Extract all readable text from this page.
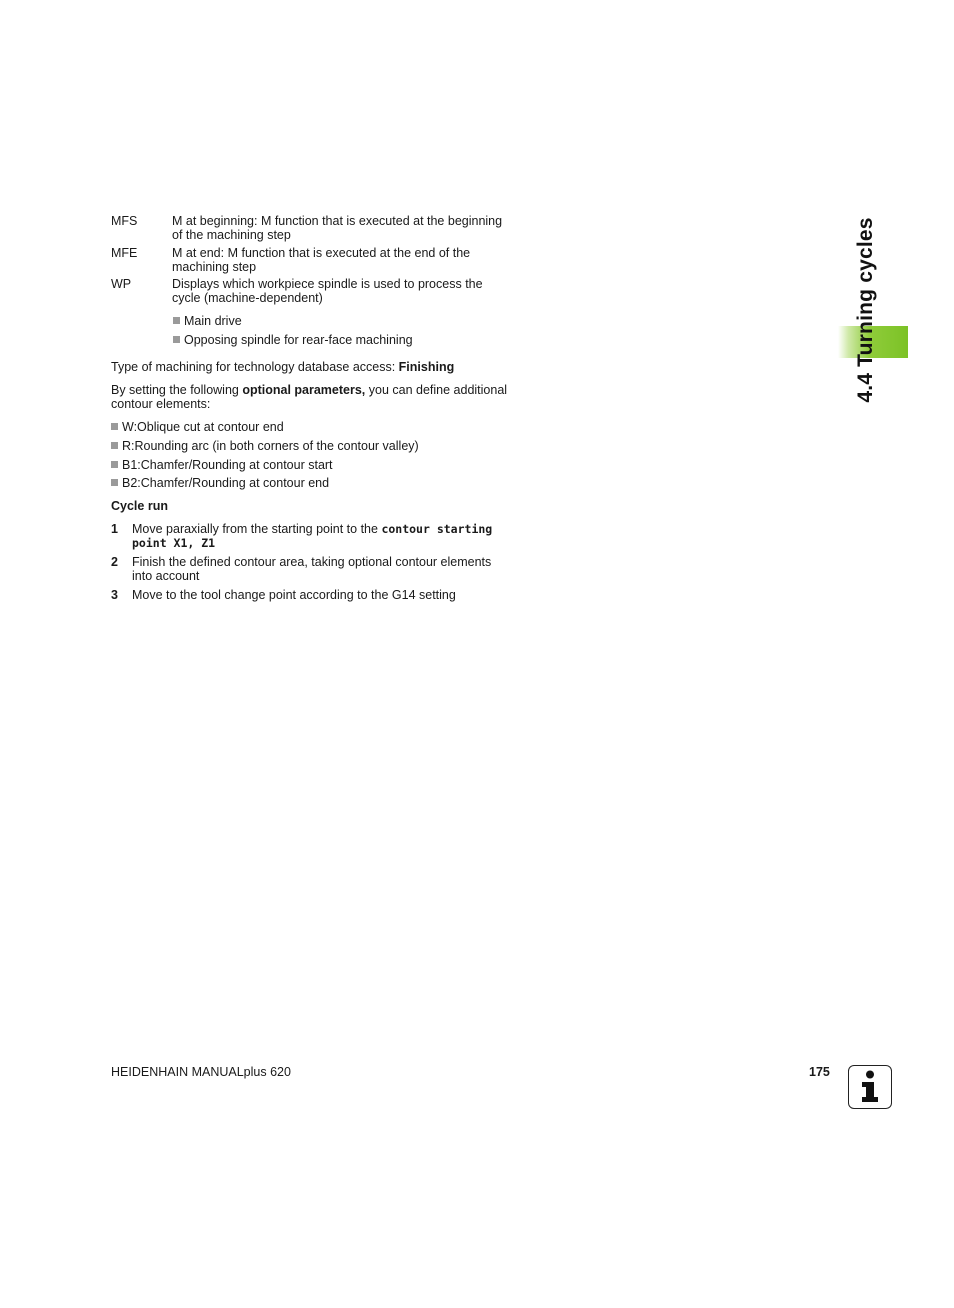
MFS	M at beginning: M function that is executed at the beginning of the machining step
MFE	M at end: M function that is executed at the end of the machining step
WP	Displays which workpiece spindle is used to process the cycle (machine-dependent)
Main drive
Opposing spindle for rear-face machining
Type of machining for technology database access: Finishing
By setting the following optional parameters, you can define additional contour elements:
W:Oblique cut at contour end
R:Rounding arc (in both corners of the contour valley)
B1:Chamfer/Rounding at contour start
B2:Chamfer/Rounding at contour end
Cycle run
1 Move paraxially from the starting point to the contour starting point X1, Z1
2 Finish the defined contour area, taking optional contour elements into account
3 Move to the tool change point according to the G14 setting
4.4 Turning cycles
HEIDENHAIN MANUALplus 620	175
